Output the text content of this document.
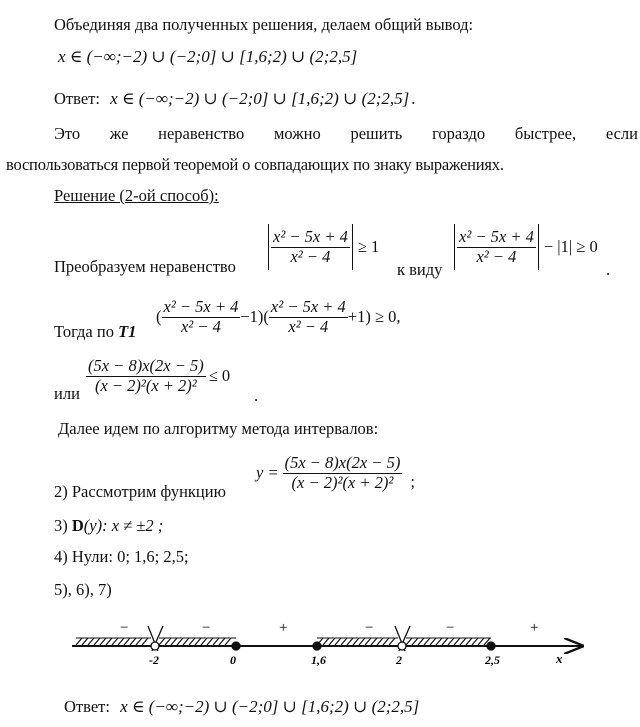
Объединяя два полученных решения, делаем общий вывод:
x ∈ (−∞;−2) ∪ (−2;0] ∪ [1,6;2) ∪ (2;2,5]
Ответ: x ∈ (−∞;−2) ∪ (−2;0] ∪ [1,6;2) ∪ (2;2,5] .
Это же неравенство можно решить гораздо быстрее, если
воспользоваться первой теоремой о совпадающих по знаку выражениях.
Решение (2-ой способ):
Преобразуем неравенство
$\frac{\text{x² − 5x + 4}}{\text{x² − 4}} \ge 1$
к виду
$\frac{\text{x² − 5x + 4}}{\text{x² − 4}} - |1| \ge 0$
.
Тогда по T1
( $\frac{\text{x² − 5x + 4}}{\text{x² − 4}} -1)( \frac{\text{x² − 5x + 4}}{\text{x² − 4}} +1) \ge 0$,
или $\frac{(5x - 8)x(2x - 5)}{\text{(x − 2)²(x + 2)²}} \le 0$
.
Далее идем по алгоритму метода интервалов:
2) Рассмотрим функцию
$y = \frac{(5x - 8)x(2x - 5)}{\text{(x − 2)²(x + 2)²}}$ ;
3) D(y): x ≠ ±2 ;
4) Нули: 0; 1,6; 2,5;
5), 6), 7)
-2	0	1,6	2	2,5
−	−	+	−	−	+
x
Ответ: x ∈ (−∞;−2) ∪ (−2;0] ∪ [1,6;2) ∪ (2;2,5]
